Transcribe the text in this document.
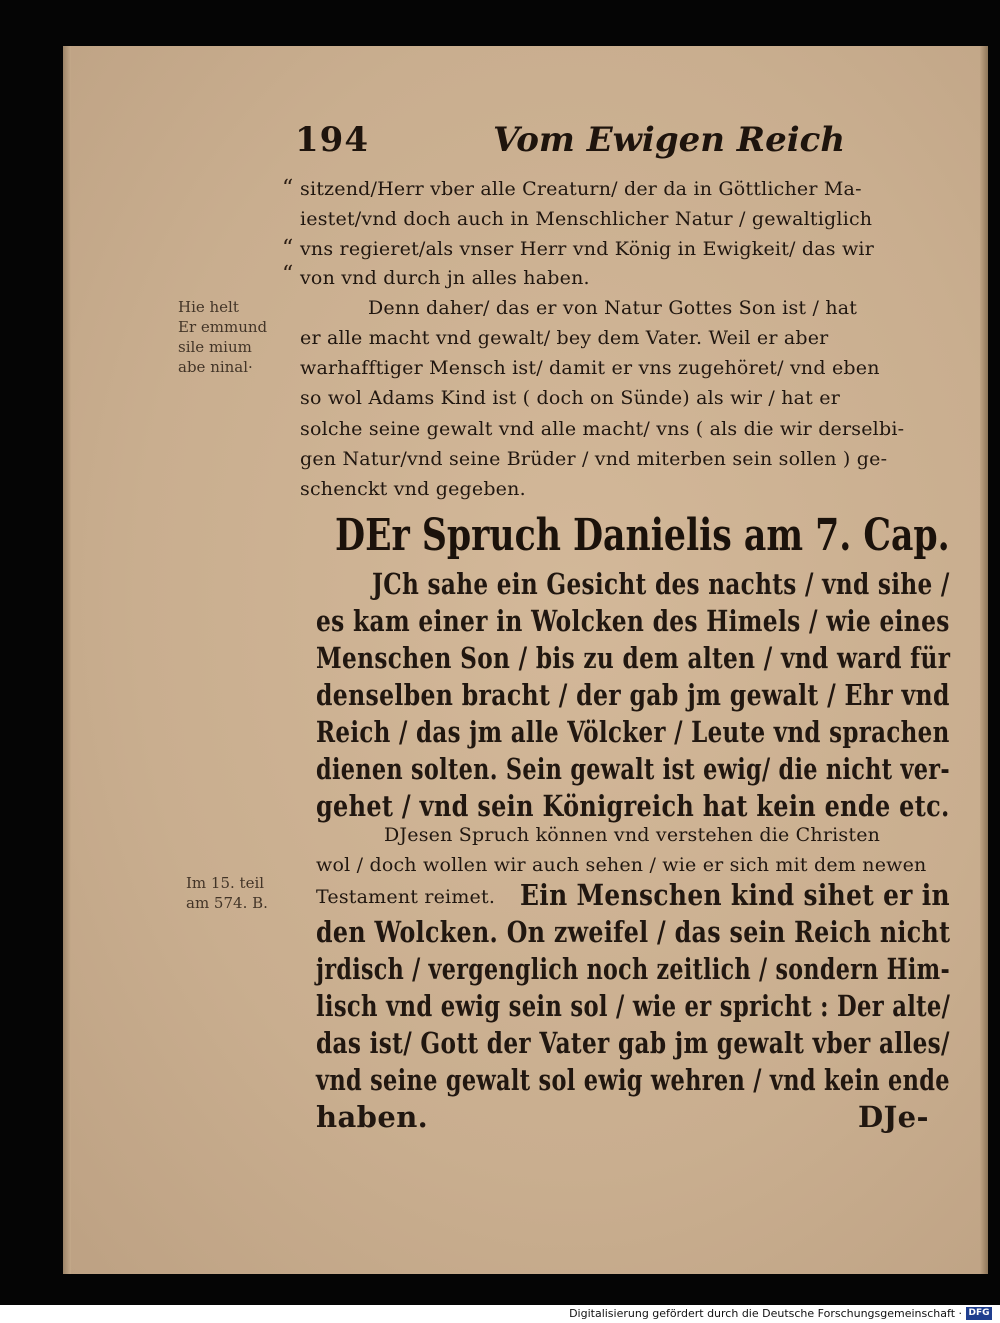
194	Vom Ewigen Reich
“
“
“
Hie helt
Er emmund
sile mium
abe ninal·
Im 15. teil
am 574. B.
sitzend/Herr vber alle Creaturn/ der da in Göttlicher Ma-
iestet/vnd doch auch in Menschlicher Natur / gewaltiglich
vns regieret/als vnser Herr vnd König in Ewigkeit/ das wir
von vnd durch jn alles haben.
Denn daher/ das er von Natur Gottes Son ist / hat
er alle macht vnd gewalt/ bey dem Vater. Weil er aber
warhafftiger Mensch ist/ damit er vns zugehöret/ vnd eben
so wol Adams Kind ist ( doch on Sünde) als wir / hat er
solche seine gewalt vnd alle macht/ vns ( als die wir derselbi-
gen Natur/vnd seine Brüder / vnd miterben sein sollen ) ge-
schenckt vnd gegeben.
DEr Spruch Danielis am 7. Cap.
JCh sahe ein Gesicht des nachts / vnd sihe /
es kam einer in Wolcken des Himels / wie eines
Menschen Son / bis zu dem alten / vnd ward für
denselben bracht / der gab jm gewalt / Ehr vnd
Reich / das jm alle Völcker / Leute vnd sprachen
dienen solten. Sein gewalt ist ewig/ die nicht ver-
gehet / vnd sein Königreich hat kein ende etc.
DJesen Spruch können vnd verstehen die Christen
wol / doch wollen wir auch sehen / wie er sich mit dem newen
Testament reimet. Ein Menschen kind sihet er in
den Wolcken. On zweifel / das sein Reich nicht
jrdisch / vergenglich noch zeitlich / sondern Him-
lisch vnd ewig sein sol / wie er spricht : Der alte/
das ist/ Gott der Vater gab jm gewalt vber alles/
vnd seine gewalt sol ewig wehren / vnd kein ende
haben.	DJe-
Digitalisierung gefördert durch die Deutsche Forschungsgemeinschaft · DFG
